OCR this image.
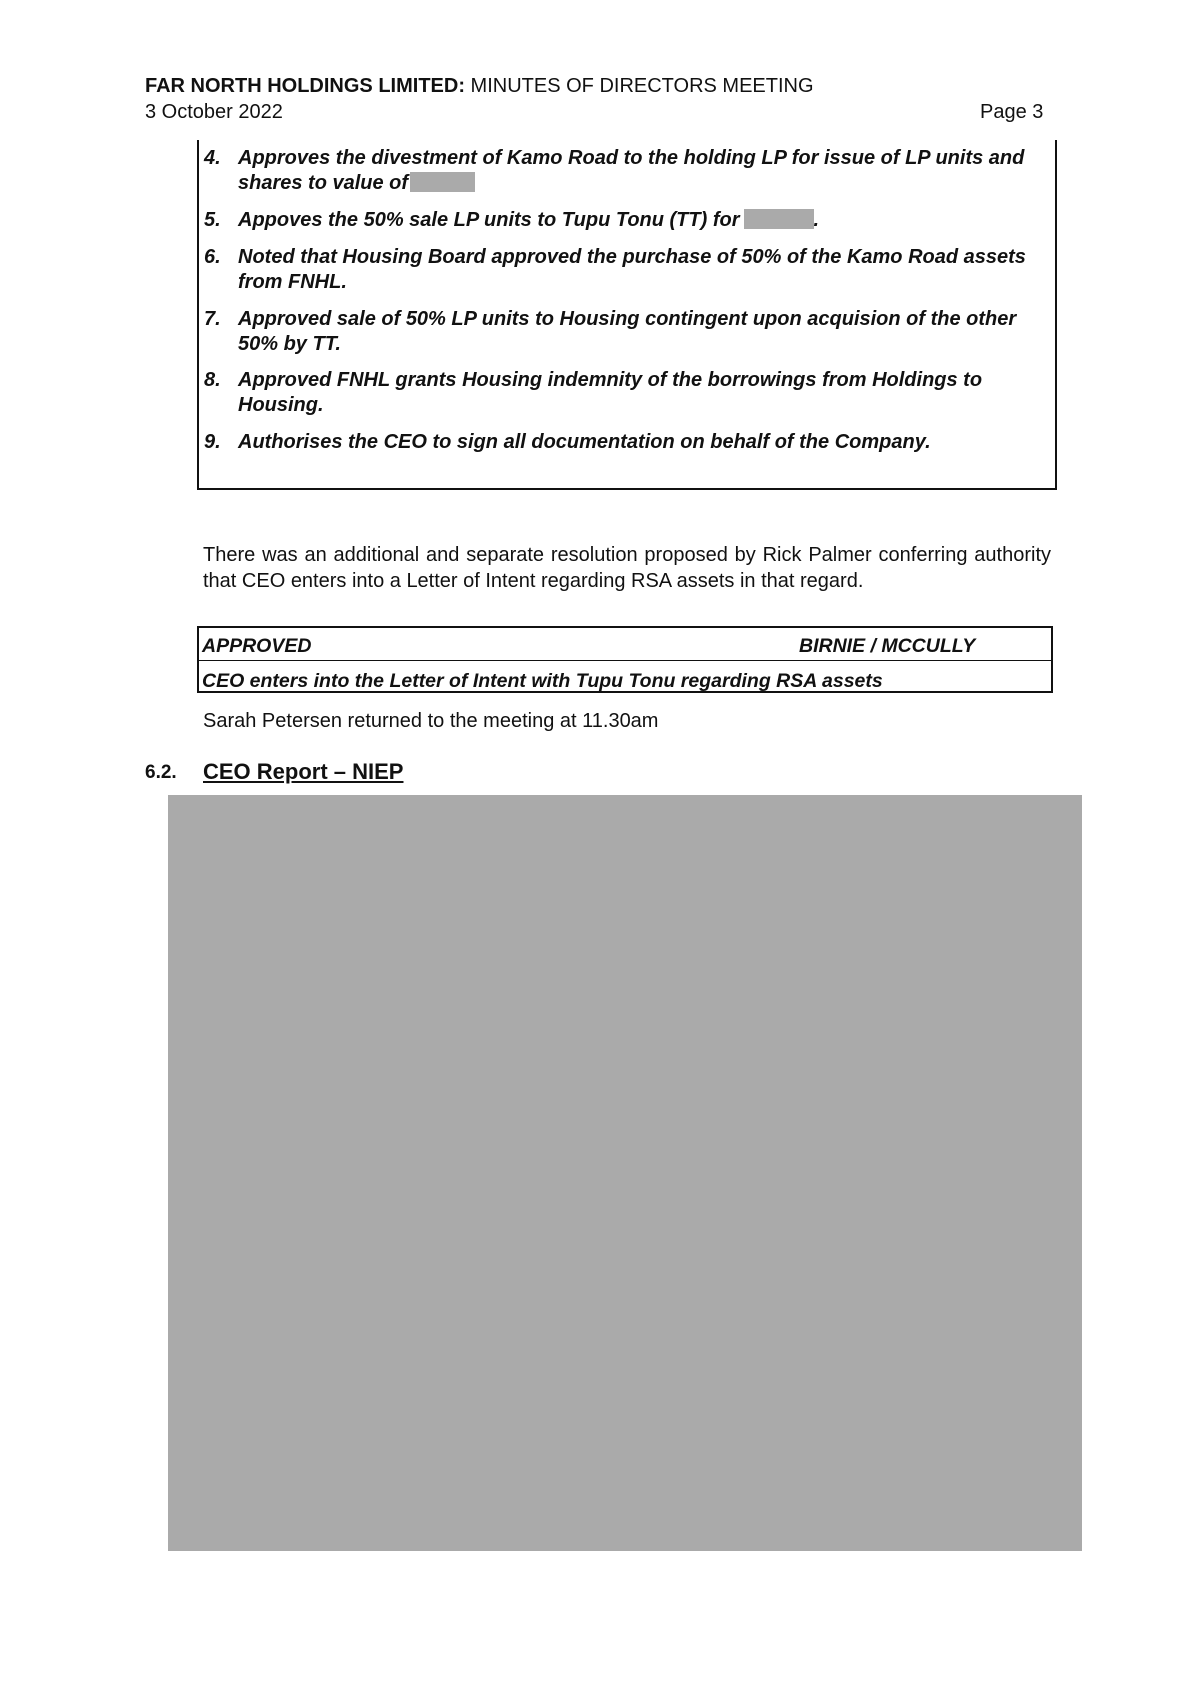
FAR NORTH HOLDINGS LIMITED: MINUTES OF DIRECTORS MEETING
3 October 2022	Page 3
4. Approves the divestment of Kamo Road to the holding LP for issue of LP units and shares to value of
5. Appoves the 50% sale LP units to Tupu Tonu (TT) for	.
6. Noted that Housing Board approved the purchase of 50% of the Kamo Road assets from FNHL.
7. Approved sale of 50% LP units to Housing contingent upon acquision of the other 50% by TT.
8. Approved FNHL grants Housing indemnity of the borrowings from Holdings to Housing.
9. Authorises the CEO to sign all documentation on behalf of the Company.
There was an additional and separate resolution proposed by Rick Palmer conferring authority that CEO enters into a Letter of Intent regarding RSA assets in that regard.
APPROVED	BIRNIE / MCCULLY
CEO enters into the Letter of Intent with Tupu Tonu regarding RSA assets
Sarah Petersen returned to the meeting at 11.30am
6.2. CEO Report – NIEP
